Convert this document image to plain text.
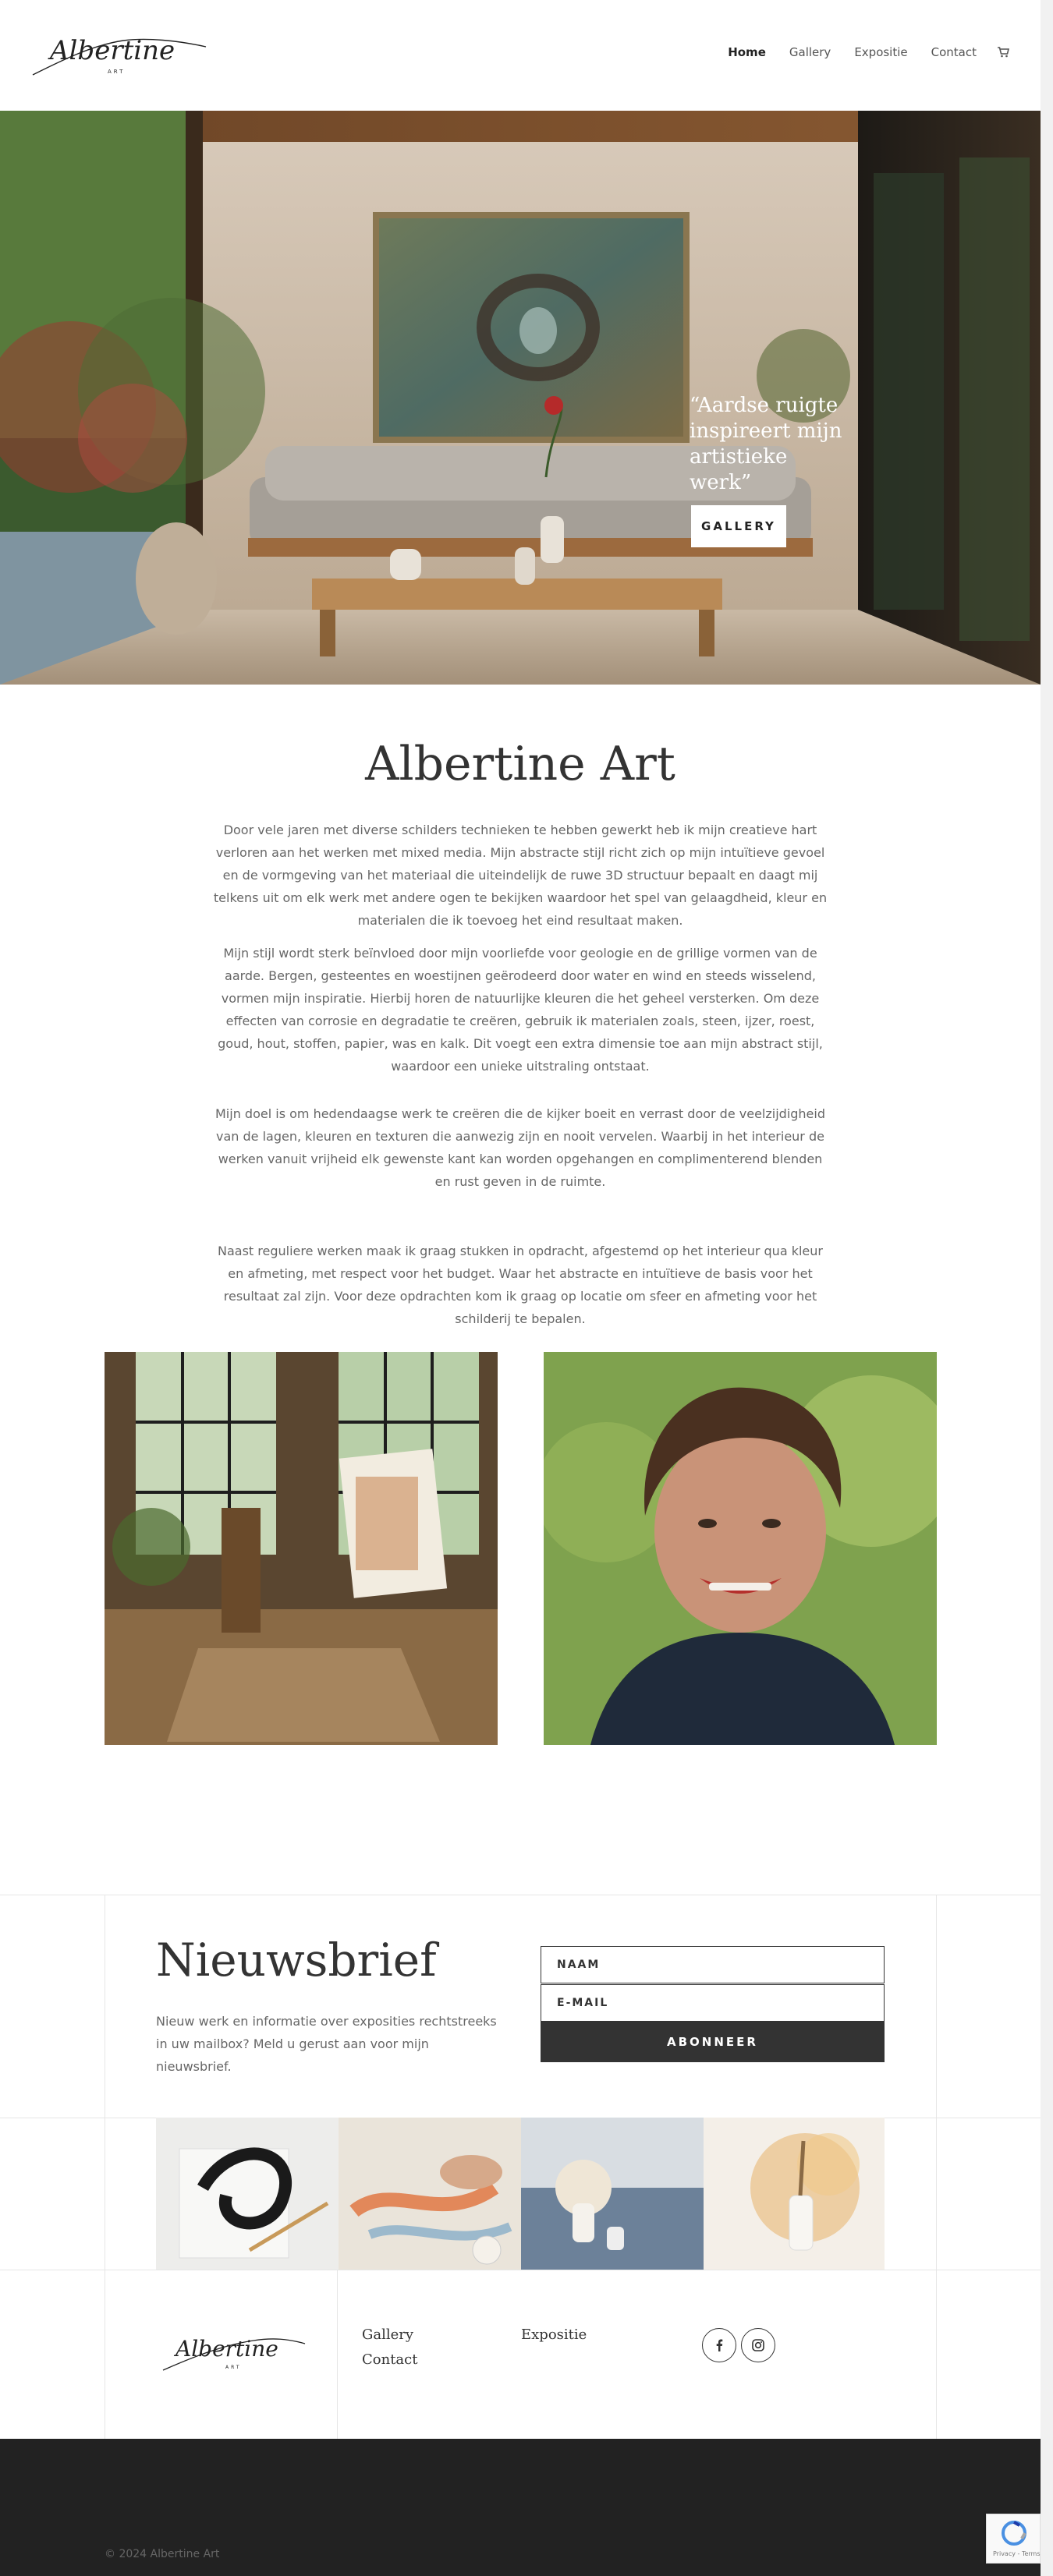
Albertine
ART
Home Gallery Expositie Contact
“Aardse ruigte inspireert mijn artistieke werk”
GALLERY
Albertine Art
Door vele jaren met diverse schilders technieken te hebben gewerkt heb ik mijn creatieve hart verloren aan het werken met mixed media. Mijn abstracte stijl richt zich op mijn intuïtieve gevoel en de vormgeving van het materiaal die uiteindelijk de ruwe 3D structuur bepaalt en daagt mij telkens uit om elk werk met andere ogen te bekijken waardoor het spel van gelaagdheid, kleur en materialen die ik toevoeg het eind resultaat maken.
Mijn stijl wordt sterk beïnvloed door mijn voorliefde voor geologie en de grillige vormen van de aarde. Bergen, gesteentes en woestijnen geërodeerd door water en wind en steeds wisselend, vormen mijn inspiratie. Hierbij horen de natuurlijke kleuren die het geheel versterken. Om deze effecten van corrosie en degradatie te creëren, gebruik ik materialen zoals, steen, ijzer, roest, goud, hout, stoffen, papier, was en kalk. Dit voegt een extra dimensie toe aan mijn abstract stijl, waardoor een unieke uitstraling ontstaat.
Mijn doel is om hedendaagse werk te creëren die de kijker boeit en verrast door de veelzijdigheid van de lagen, kleuren en texturen die aanwezig zijn en nooit vervelen. Waarbij in het interieur de werken vanuit vrijheid elk gewenste kant kan worden opgehangen en complimenterend blenden en rust geven in de ruimte.
Naast reguliere werken maak ik graag stukken in opdracht, afgestemd op het interieur qua kleur en afmeting, met respect voor het budget. Waar het abstracte en intuïtieve de basis voor het resultaat zal zijn. Voor deze opdrachten kom ik graag op locatie om sfeer en afmeting voor het schilderij te bepalen.
Nieuwsbrief
Nieuw werk en informatie over exposities rechtstreeks in uw mailbox? Meld u gerust aan voor mijn nieuwsbrief.
NAAM
E-MAIL
ABONNEER
Albertine
ART
Gallery
Contact
Expositie
© 2024 Albertine Art	Privacy - Terms
